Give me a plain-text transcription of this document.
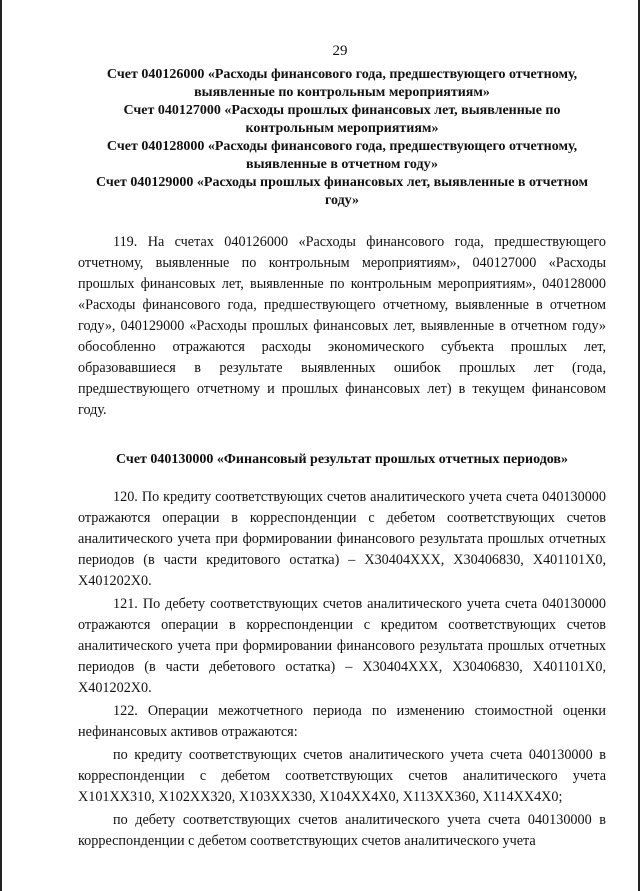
29
Счет 040126000 «Расходы финансового года, предшествующего отчетному, выявленные по контрольным мероприятиям»
Счет 040127000 «Расходы прошлых финансовых лет, выявленные по контрольным мероприятиям»
Счет 040128000 «Расходы финансового года, предшествующего отчетному, выявленные в отчетном году»
Счет 040129000 «Расходы прошлых финансовых лет, выявленные в отчетном году»

119. На счетах 040126000 «Расходы финансового года, предшествующего отчетному, выявленные по контрольным мероприятиям», 040127000 «Расходы прошлых финансовых лет, выявленные по контрольным мероприятиям», 040128000 «Расходы финансового года, предшествующего отчетному, выявленные в отчетном году», 040129000 «Расходы прошлых финансовых лет, выявленные в отчетном году» обособленно отражаются расходы экономического субъекта прошлых лет, образовавшиеся в результате выявленных ошибок прошлых лет (года, предшествующего отчетному и прошлых финансовых лет) в текущем финансовом году.

Счет 040130000 «Финансовый результат прошлых отчетных периодов»

120. По кредиту соответствующих счетов аналитического учета счета 040130000 отражаются операции в корреспонденции с дебетом соответствующих счетов аналитического учета при формировании финансового результата прошлых отчетных периодов (в части кредитового остатка) – Х30404ХХХ, Х30406830, Х401101Х0, Х401202Х0.

121. По дебету соответствующих счетов аналитического учета счета 040130000 отражаются операции в корреспонденции с кредитом соответствующих счетов аналитического учета при формировании финансового результата прошлых отчетных периодов (в части дебетового остатка) – Х30404ХХХ, Х30406830, Х401101Х0, Х401202Х0.

122. Операции межотчетного периода по изменению стоимостной оценки нефинансовых активов отражаются:

по кредиту соответствующих счетов аналитического учета счета 040130000 в корреспонденции с дебетом соответствующих счетов аналитического учета Х101ХХ310, Х102ХХ320, Х103ХХ330, Х104ХХ4Х0, Х113ХХ360, Х114ХХ4Х0;

по дебету соответствующих счетов аналитического учета счета 040130000 в корреспонденции с дебетом соответствующих счетов аналитического учета
